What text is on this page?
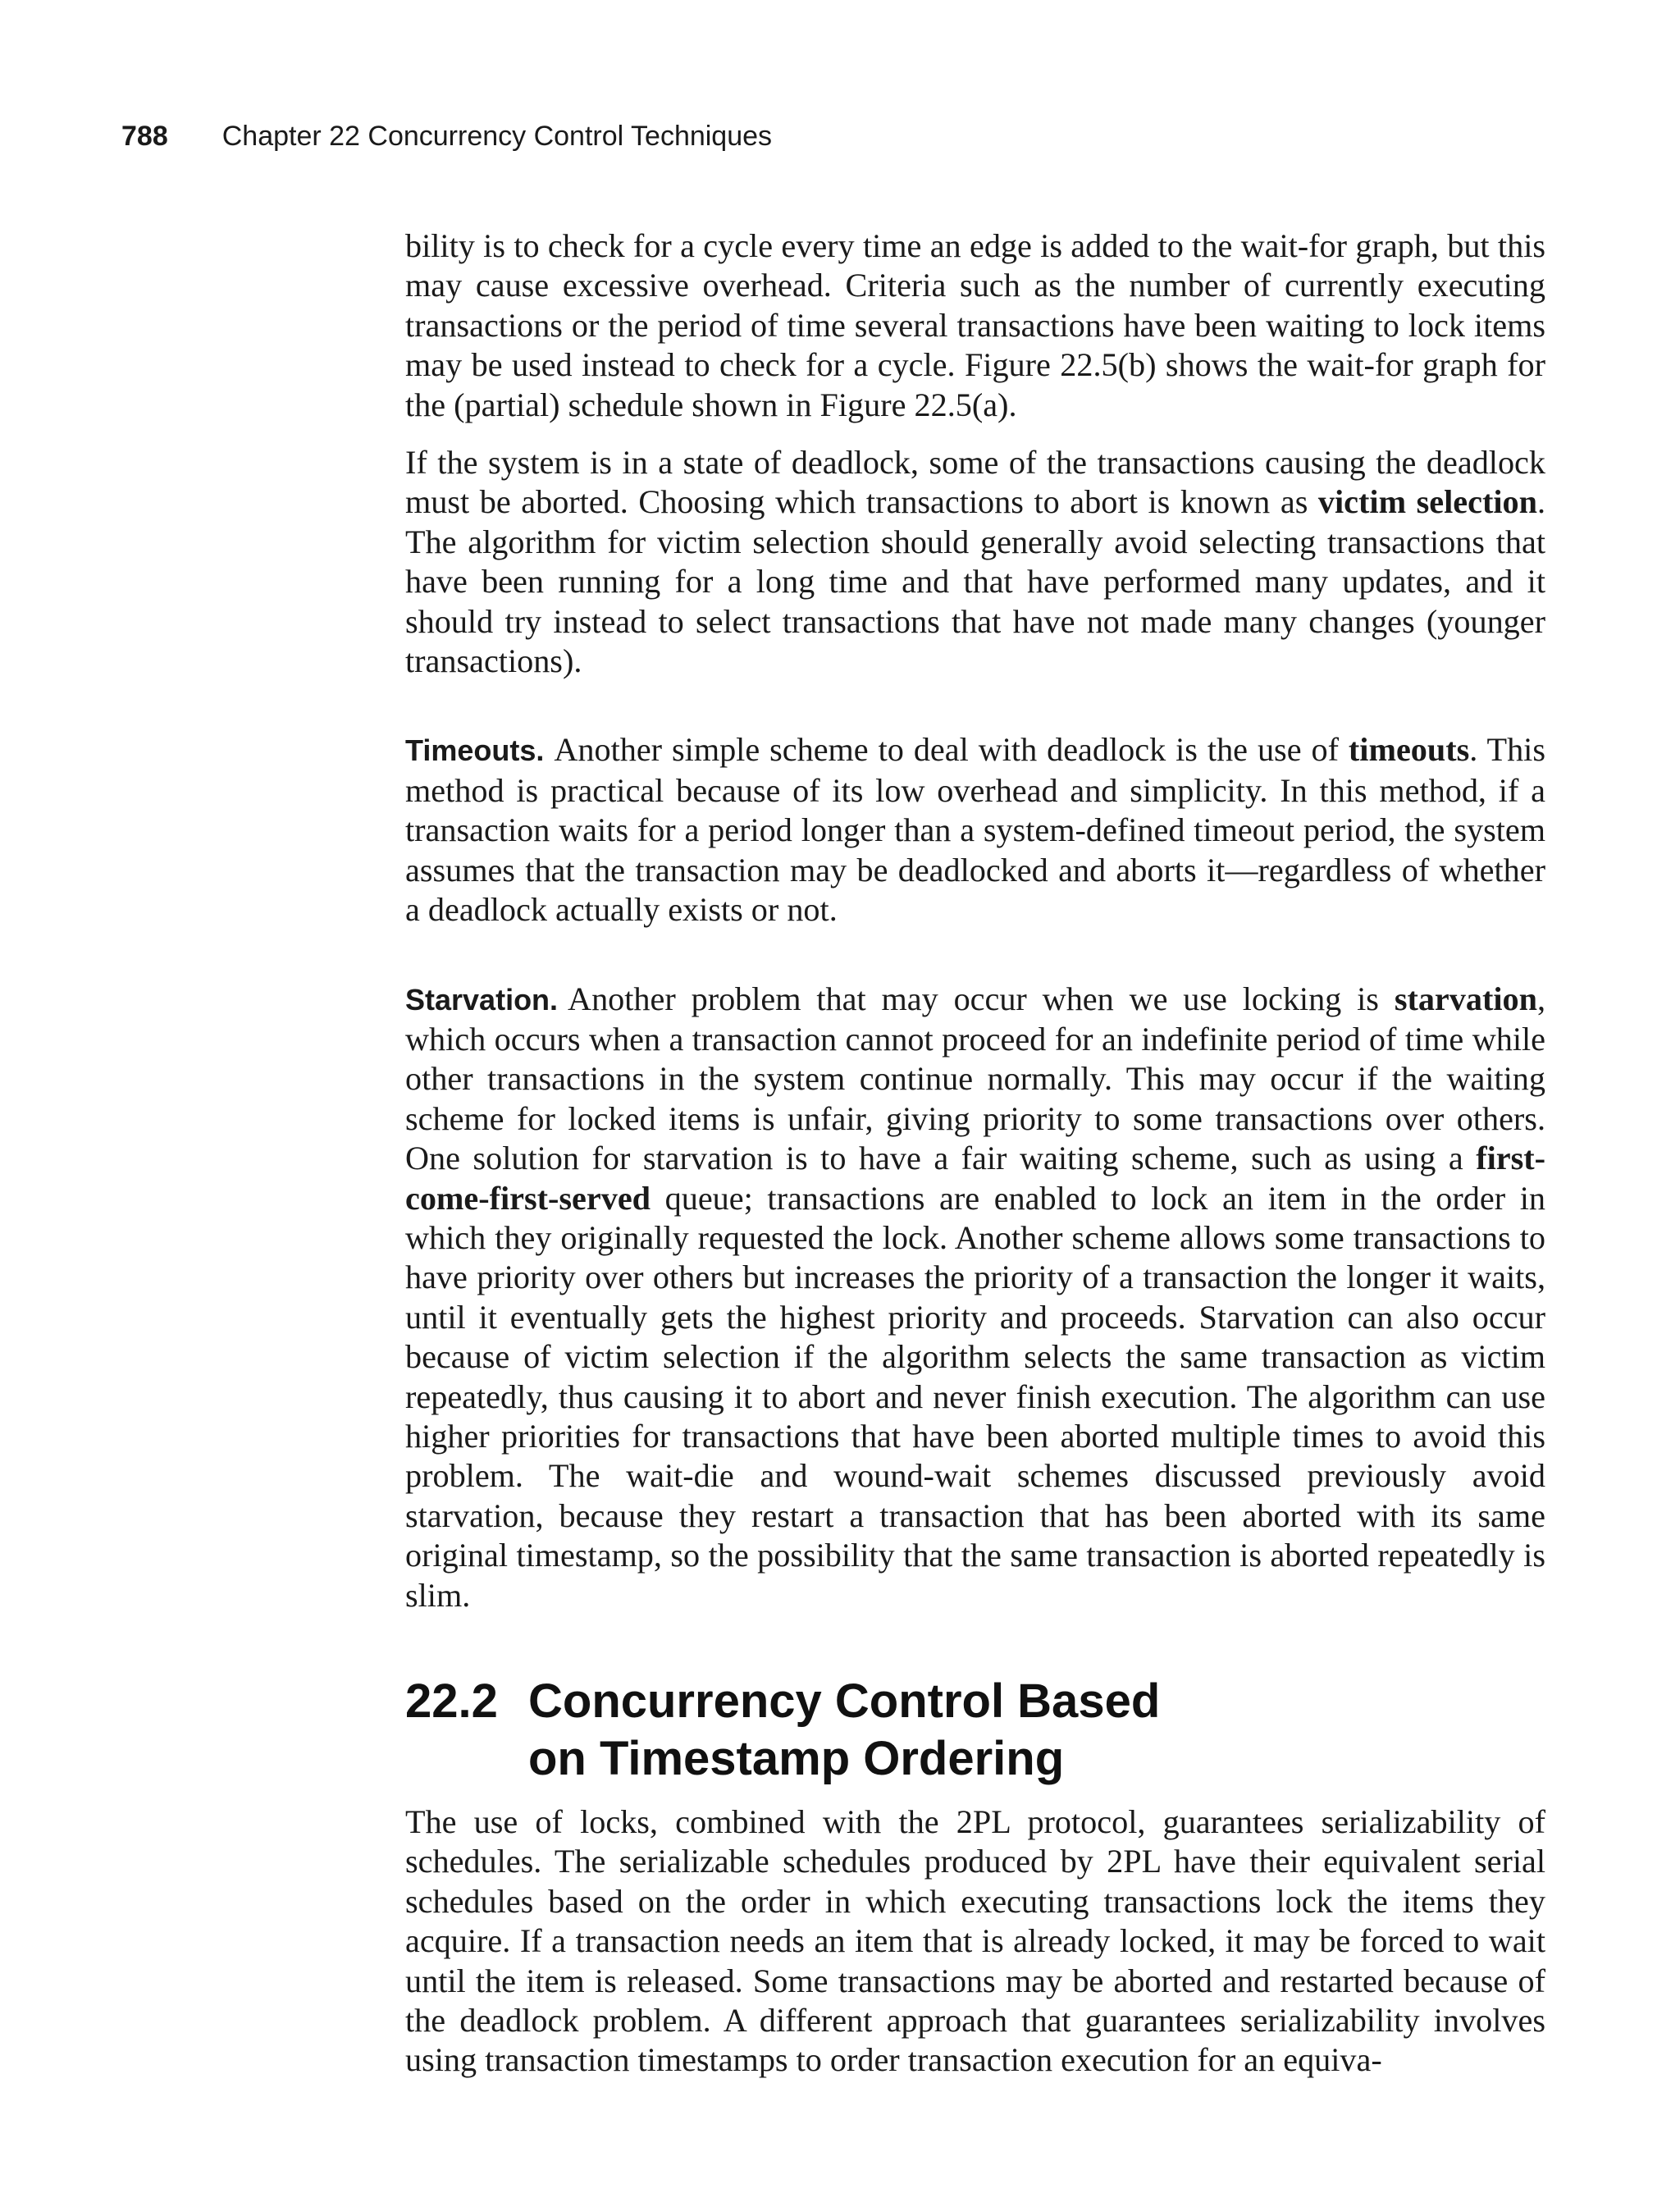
788 Chapter 22 Concurrency Control Techniques

bility is to check for a cycle every time an edge is added to the wait-for graph, but this may cause excessive overhead. Criteria such as the number of currently executing transactions or the period of time several transactions have been waiting to lock items may be used instead to check for a cycle. Figure 22.5(b) shows the wait-for graph for the (partial) schedule shown in Figure 22.5(a).

If the system is in a state of deadlock, some of the transactions causing the deadlock must be aborted. Choosing which transactions to abort is known as victim selection. The algorithm for victim selection should generally avoid selecting transactions that have been running for a long time and that have performed many updates, and it should try instead to select transactions that have not made many changes (younger transactions).

Timeouts. Another simple scheme to deal with deadlock is the use of timeouts. This method is practical because of its low overhead and simplicity. In this method, if a transaction waits for a period longer than a system-defined timeout period, the system assumes that the transaction may be deadlocked and aborts it—regardless of whether a deadlock actually exists or not.

Starvation. Another problem that may occur when we use locking is starvation, which occurs when a transaction cannot proceed for an indefinite period of time while other transactions in the system continue normally. This may occur if the waiting scheme for locked items is unfair, giving priority to some transactions over others. One solution for starvation is to have a fair waiting scheme, such as using a first-come-first-served queue; transactions are enabled to lock an item in the order in which they originally requested the lock. Another scheme allows some transactions to have priority over others but increases the priority of a transaction the longer it waits, until it eventually gets the highest priority and proceeds. Starvation can also occur because of victim selection if the algorithm selects the same transaction as victim repeatedly, thus causing it to abort and never finish execution. The algorithm can use higher priorities for transactions that have been aborted multiple times to avoid this problem. The wait-die and wound-wait schemes discussed previously avoid starvation, because they restart a transaction that has been aborted with its same original timestamp, so the possibility that the same transaction is aborted repeatedly is slim.

22.2 Concurrency Control Based
on Timestamp Ordering

The use of locks, combined with the 2PL protocol, guarantees serializability of schedules. The serializable schedules produced by 2PL have their equivalent serial schedules based on the order in which executing transactions lock the items they acquire. If a transaction needs an item that is already locked, it may be forced to wait until the item is released. Some transactions may be aborted and restarted because of the deadlock problem. A different approach that guarantees serializability involves using transaction timestamps to order transaction execution for an equiva-
